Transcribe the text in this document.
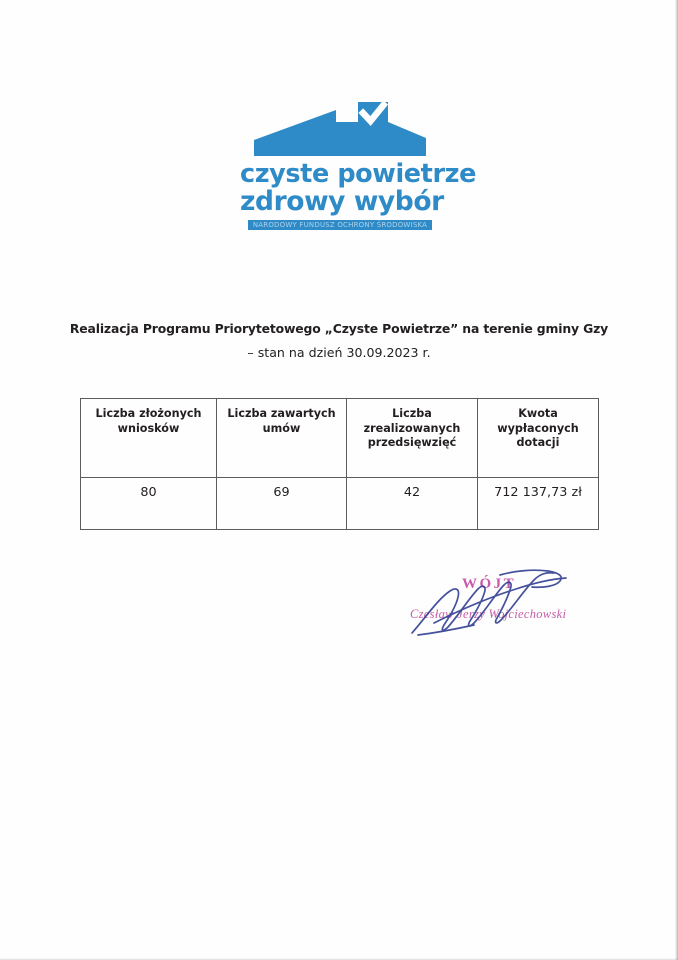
czyste powietrze
zdrowy wybór
NARODOWY FUNDUSZ OCHRONY ŚRODOWISKA
Realizacja Programu Priorytetowego „Czyste Powietrze” na terenie gminy Gzy
– stan na dzień 30.09.2023 r.
Liczba złożonych wniosków	Liczba zawartych umów	Liczba zrealizowanych przedsięwzięć	Kwota wypłaconych dotacji

80	69	42	712 137,73 zł
WÓJT
Czesław Jerzy Wojciechowski
